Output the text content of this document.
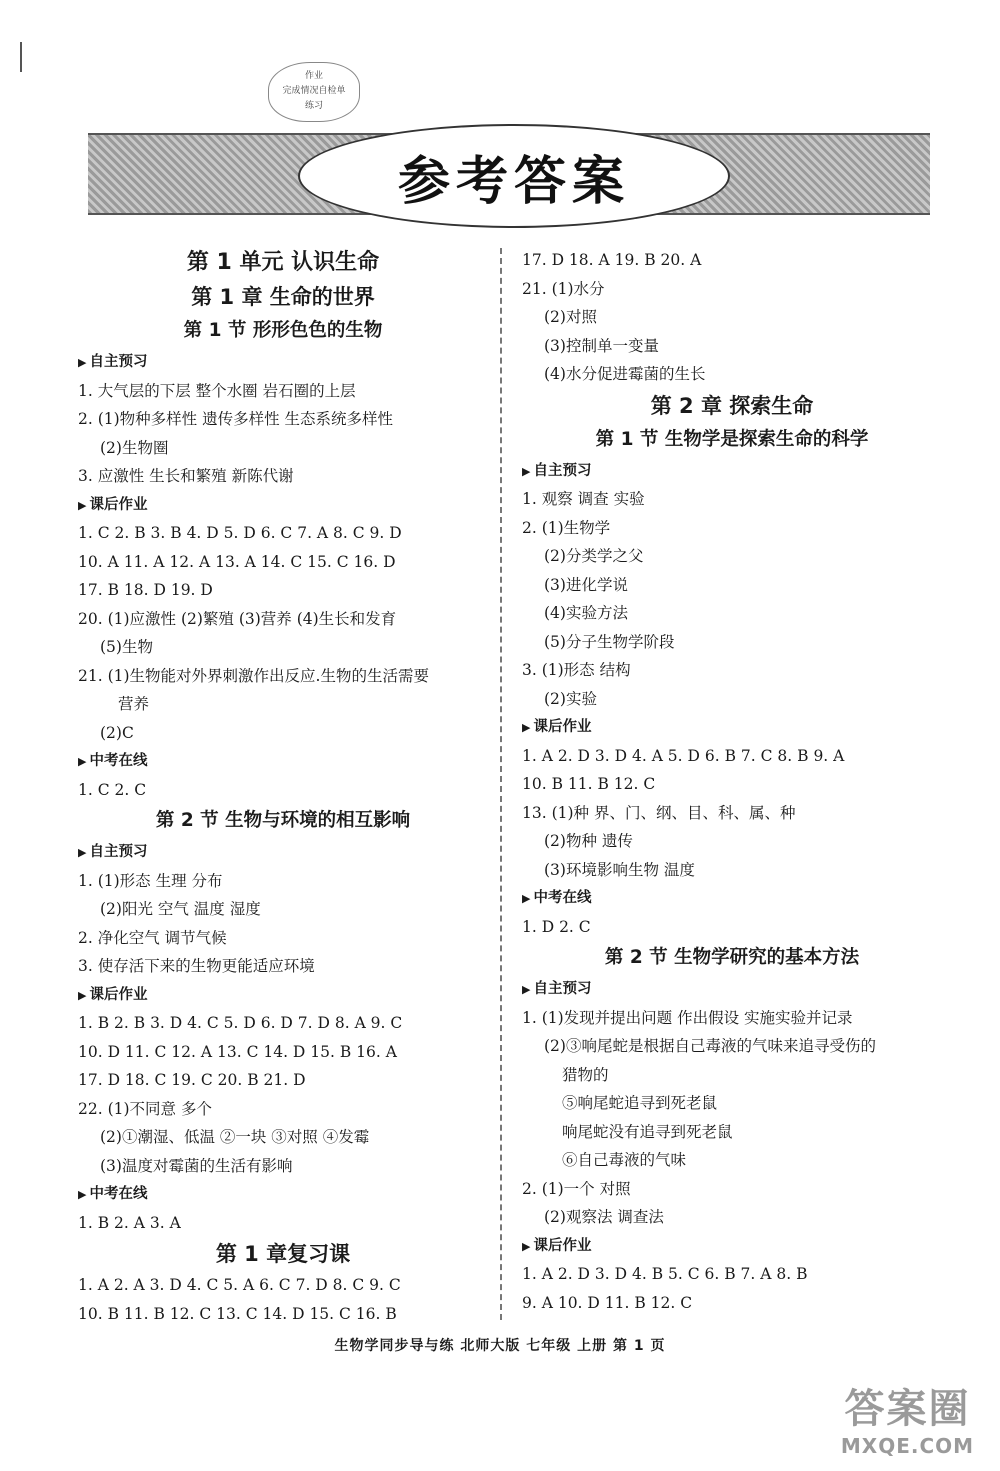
作业
完成情况自检单
练习
参考答案
第 1 单元 认识生命
第 1 章 生命的世界
第 1 节 形形色色的生物
▶ 自主预习
1. 大气层的下层 整个水圈 岩石圈的上层
2. (1)物种多样性 遗传多样性 生态系统多样性
(2)生物圈
3. 应激性 生长和繁殖 新陈代谢
▶ 课后作业
1. C 2. B 3. B 4. D 5. D 6. C 7. A 8. C 9. D
10. A 11. A 12. A 13. A 14. C 15. C 16. D
17. B 18. D 19. D
20. (1)应激性 (2)繁殖 (3)营养 (4)生长和发育
(5)生物
21. (1)生物能对外界刺激作出反应.生物的生活需要
营养
(2)C
▶ 中考在线
1. C 2. C
第 2 节 生物与环境的相互影响
▶ 自主预习
1. (1)形态 生理 分布
(2)阳光 空气 温度 湿度
2. 净化空气 调节气候
3. 使存活下来的生物更能适应环境
▶ 课后作业
1. B 2. B 3. D 4. C 5. D 6. D 7. D 8. A 9. C
10. D 11. C 12. A 13. C 14. D 15. B 16. A
17. D 18. C 19. C 20. B 21. D
22. (1)不同意 多个
(2)①潮湿、低温 ②一块 ③对照 ④发霉
(3)温度对霉菌的生活有影响
▶ 中考在线
1. B 2. A 3. A
第 1 章复习课
1. A 2. A 3. D 4. C 5. A 6. C 7. D 8. C 9. C
10. B 11. B 12. C 13. C 14. D 15. C 16. B
17. D 18. A 19. B 20. A
21. (1)水分
(2)对照
(3)控制单一变量
(4)水分促进霉菌的生长
第 2 章 探索生命
第 1 节 生物学是探索生命的科学
▶ 自主预习
1. 观察 调查 实验
2. (1)生物学
(2)分类学之父
(3)进化学说
(4)实验方法
(5)分子生物学阶段
3. (1)形态 结构
(2)实验
▶ 课后作业
1. A 2. D 3. D 4. A 5. D 6. B 7. C 8. B 9. A
10. B 11. B 12. C
13. (1)种 界、门、纲、目、科、属、种
(2)物种 遗传
(3)环境影响生物 温度
▶ 中考在线
1. D 2. C
第 2 节 生物学研究的基本方法
▶ 自主预习
1. (1)发现并提出问题 作出假设 实施实验并记录
(2)③响尾蛇是根据自己毒液的气味来追寻受伤的
猎物的
⑤响尾蛇追寻到死老鼠
响尾蛇没有追寻到死老鼠
⑥自己毒液的气味
2. (1)一个 对照
(2)观察法 调查法
▶ 课后作业
1. A 2. D 3. D 4. B 5. C 6. B 7. A 8. B
9. A 10. D 11. B 12. C
生物学同步导与练 北师大版 七年级 上册 第 1 页
答案圈
MXQE.COM
